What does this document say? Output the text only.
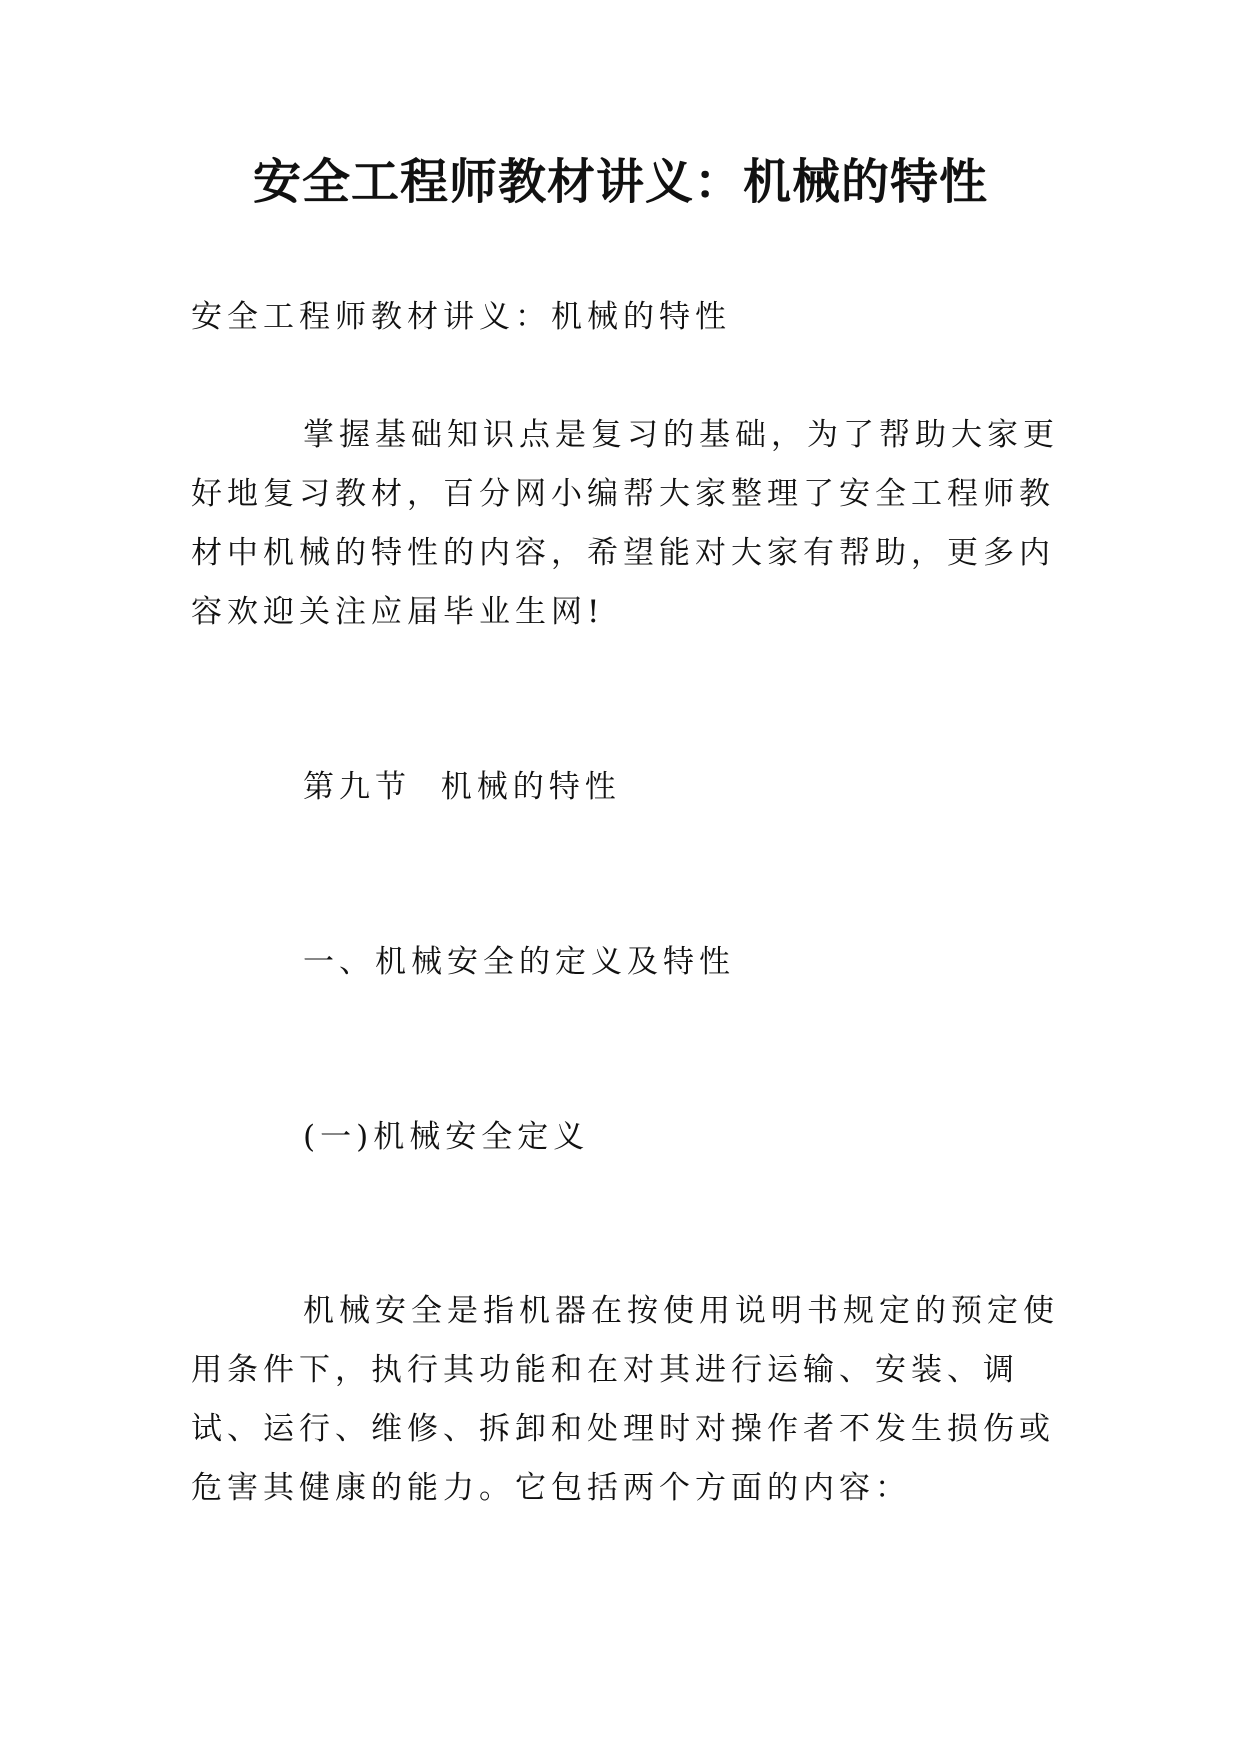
安全工程师教材讲义：机械的特性

安全工程师教材讲义：机械的特性

掌握基础知识点是复习的基础，为了帮助大家更好地复习教材，百分网小编帮大家整理了安全工程师教材中机械的特性的内容，希望能对大家有帮助，更多内容欢迎关注应届毕业生网!

第九节  机械的特性

一、机械安全的定义及特性

(一)机械安全定义

机械安全是指机器在按使用说明书规定的预定使用条件下，执行其功能和在对其进行运输、安装、调试、运行、维修、拆卸和处理时对操作者不发生损伤或危害其健康的能力。它包括两个方面的内容：
